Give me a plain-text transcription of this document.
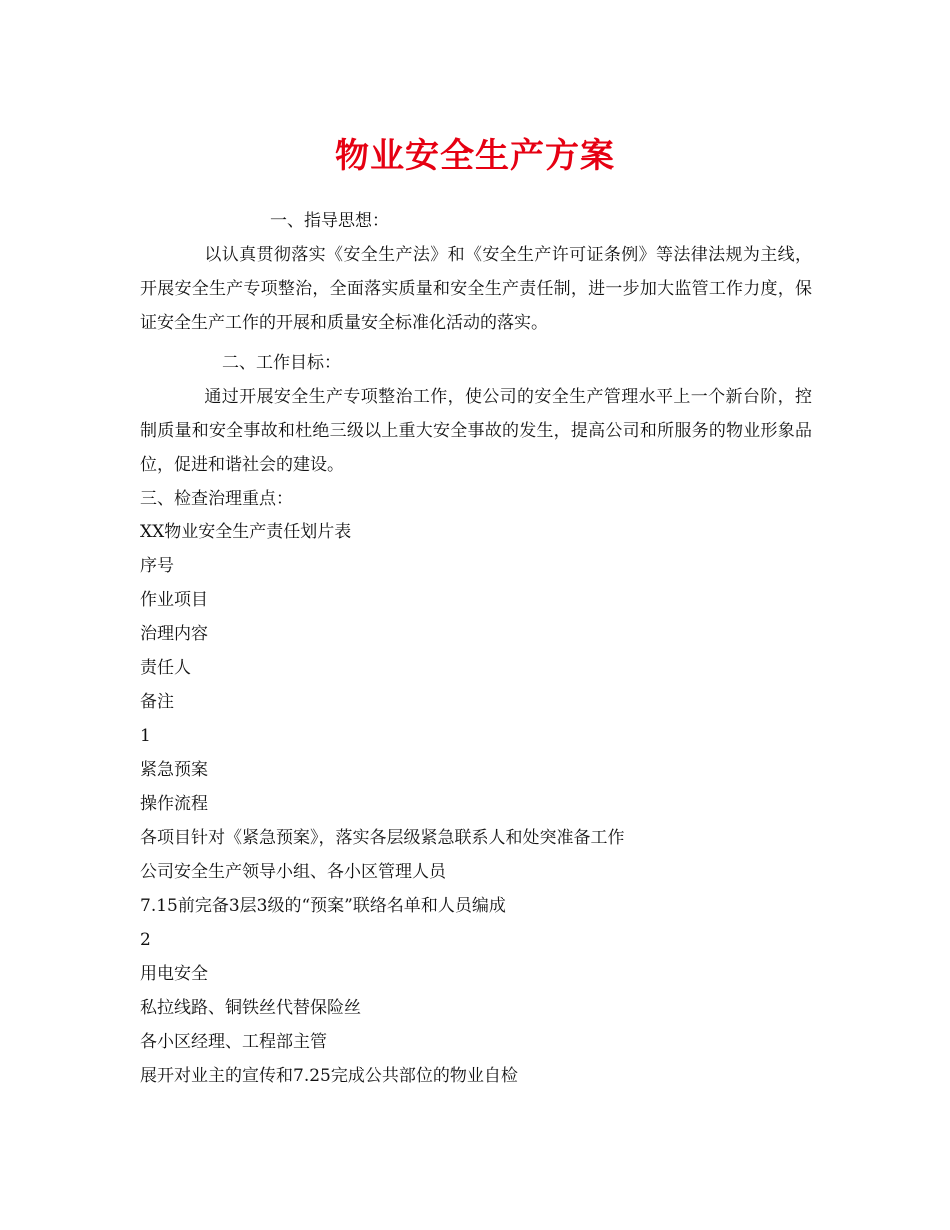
物业安全生产方案
一、指导思想：
以认真贯彻落实《安全生产法》和《安全生产许可证条例》等法律法规为主线，开展安全生产专项整治，全面落实质量和安全生产责任制，进一步加大监管工作力度，保证安全生产工作的开展和质量安全标准化活动的落实。
二、工作目标：
通过开展安全生产专项整治工作，使公司的安全生产管理水平上一个新台阶，控制质量和安全事故和杜绝三级以上重大安全事故的发生，提高公司和所服务的物业形象品位，促进和谐社会的建设。
三、检查治理重点：
XX物业安全生产责任划片表
序号
作业项目
治理内容
责任人
备注
1
紧急预案
操作流程
各项目针对《紧急预案》，落实各层级紧急联系人和处突准备工作
公司安全生产领导小组、各小区管理人员
7.15前完备3层3级的“预案”联络名单和人员编成
2
用电安全
私拉线路、铜铁丝代替保险丝
各小区经理、工程部主管
展开对业主的宣传和7.25完成公共部位的物业自检
